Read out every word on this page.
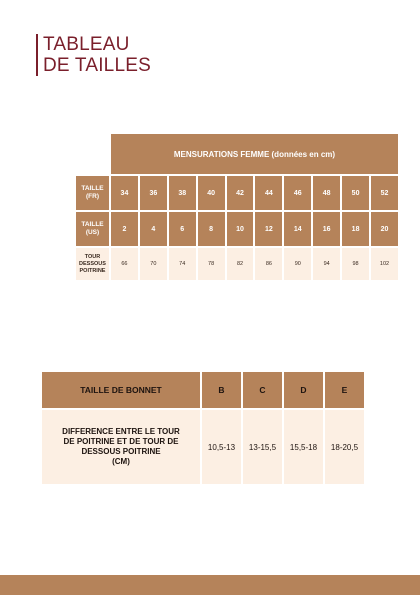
TABLEAU
DE TAILLES
	MENSURATIONS FEMME (données en cm)									
TAILLE
(FR)	34	36	38	40	42	44	46	48	50	52
TAILLE
(US)	2	4	6	8	10	12	14	16	18	20
TOUR
DESSOUS
POITRINE	66	70	74	78	82	86	90	94	98	102
TAILLE DE BONNET	B	C	D	E
DIFFERENCE ENTRE LE TOUR
DE POITRINE ET DE TOUR DE
DESSOUS POITRINE
(CM)	10,5-13	13-15,5	15,5-18	18-20,5
